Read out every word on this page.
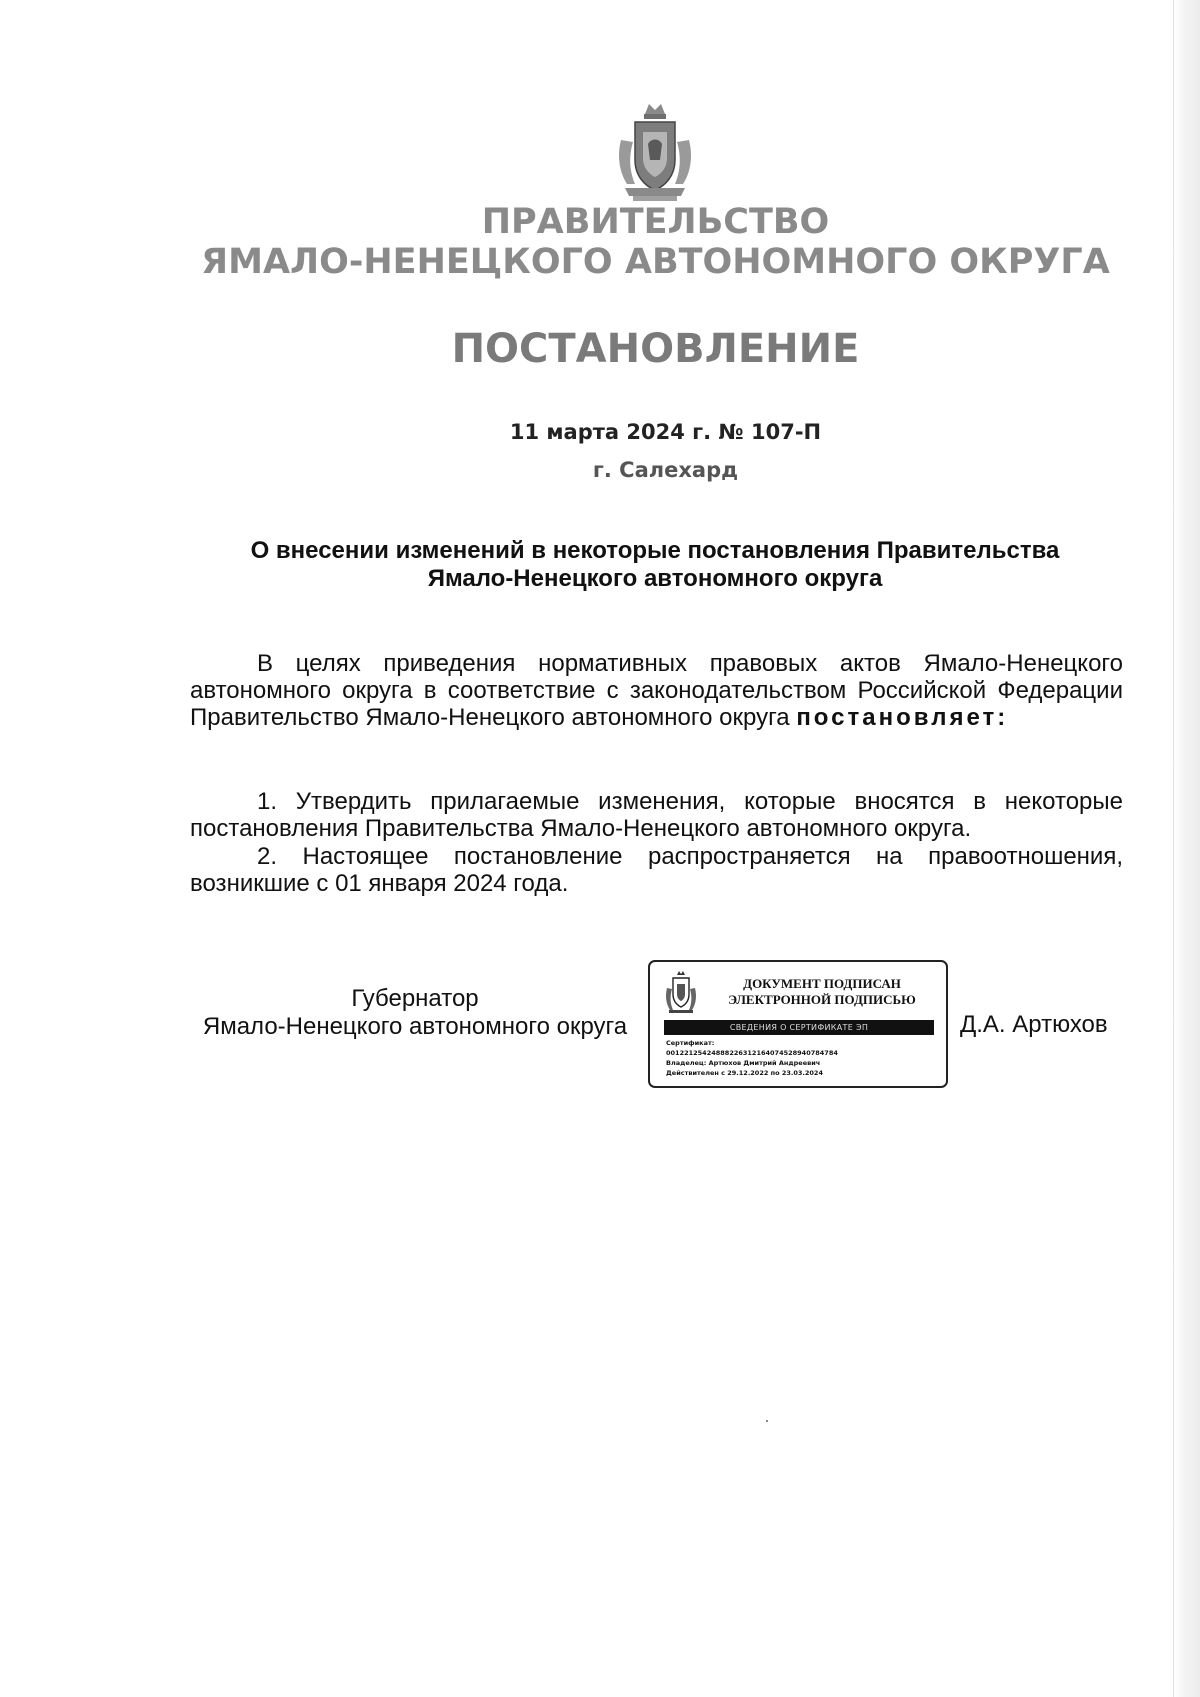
ПРАВИТЕЛЬСТВО
ЯМАЛО-НЕНЕЦКОГО АВТОНОМНОГО ОКРУГА
ПОСТАНОВЛЕНИЕ
11 марта 2024 г. № 107-П
г. Салехард
О внесении изменений в некоторые постановления Правительства
Ямало-Ненецкого автономного округа
В целях приведения нормативных правовых актов Ямало-Ненецкого автономного округа в соответствие с законодательством Российской Федерации Правительство Ямало-Ненецкого автономного округа постановляет:
1. Утвердить прилагаемые изменения, которые вносятся в некоторые постановления Правительства Ямало-Ненецкого автономного округа.
2. Настоящее постановление распространяется на правоотношения, возникшие с 01 января 2024 года.
Губернатор
Ямало-Ненецкого автономного округа
ДОКУМЕНТ ПОДПИСАН
ЭЛЕКТРОННОЙ ПОДПИСЬЮ
СВЕДЕНИЯ О СЕРТИФИКАТЕ ЭП
Сертификат:
00122125424888226312164074528940784784
Владелец: Артюхов Дмитрий Андреевич
Действителен с 29.12.2022 по 23.03.2024
Д.А. Артюхов
